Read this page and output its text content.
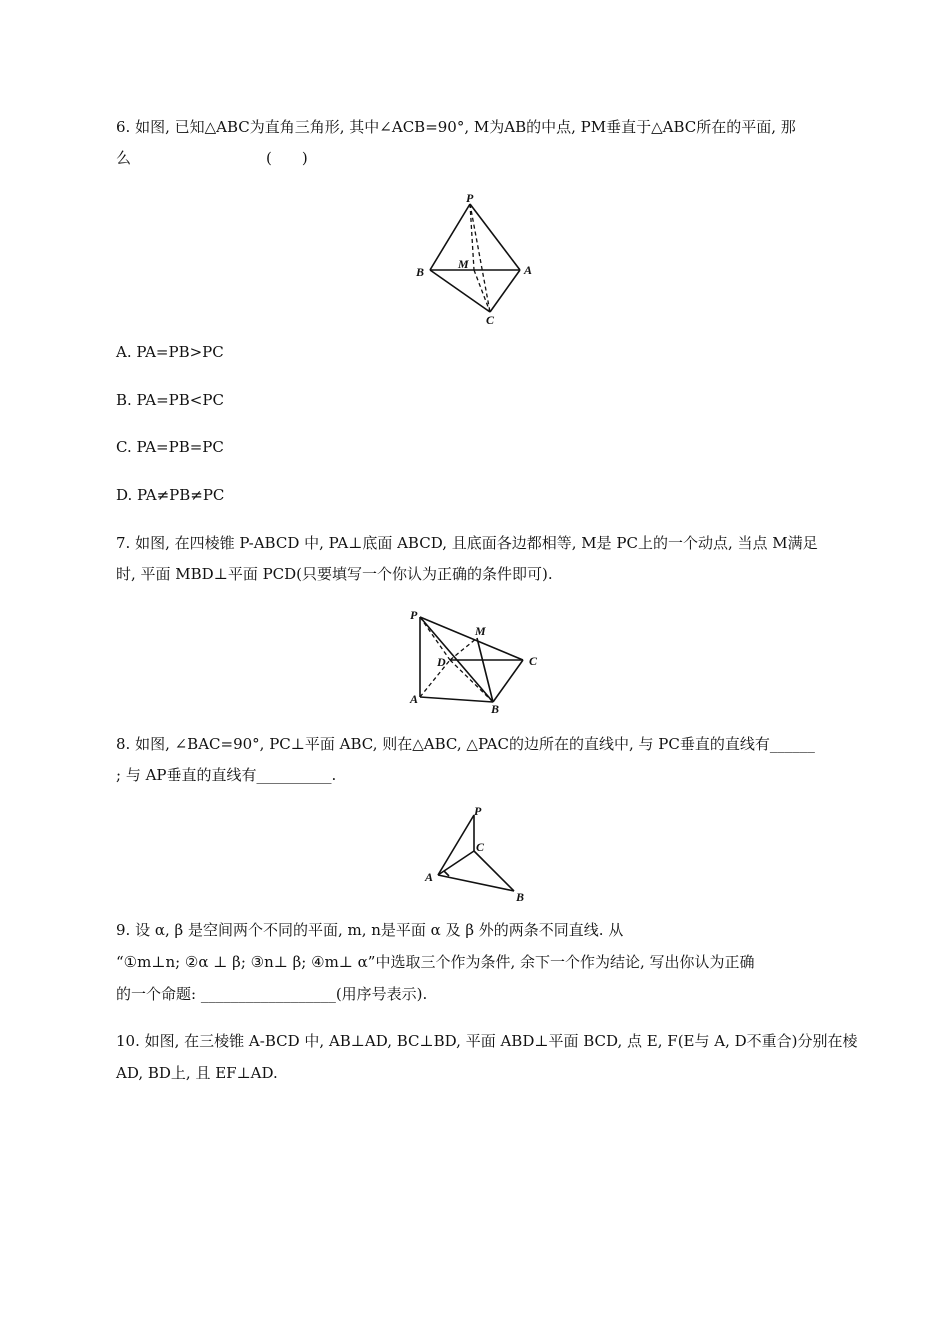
6. 如图, 已知△ABC为直角三角形, 其中∠ACB=90°, M为AB的中点, PM垂直于△ABC所在的平面, 那
么	(　　)
P
M
B	A
C
A. PA=PB>PC
B. PA=PB<PC
C. PA=PB=PC
D. PA≠PB≠PC
7. 如图, 在四棱锥 P-ABCD 中, PA⊥底面 ABCD, 且底面各边都相等, M是 PC上的一个动点, 当点 M满足
时, 平面 MBD⊥平面 PCD(只要填写一个你认为正确的条件即可).
P
M
D	C
A
B
8. 如图, ∠BAC=90°, PC⊥平面 ABC, 则在△ABC, △PAC的边所在的直线中, 与 PC垂直的直线有______
; 与 AP垂直的直线有__________.
P
C
A
B
9. 设 α, β 是空间两个不同的平面, m, n是平面 α 及 β 外的两条不同直线. 从
“①m⊥n; ②α ⊥ β; ③n⊥ β; ④m⊥ α”中选取三个作为条件, 余下一个作为结论, 写出你认为正确
的一个命题: __________________(用序号表示).
10. 如图, 在三棱锥 A-BCD 中, AB⊥AD, BC⊥BD, 平面 ABD⊥平面 BCD, 点 E, F(E与 A, D不重合)分别在棱
AD, BD上, 且 EF⊥AD.
